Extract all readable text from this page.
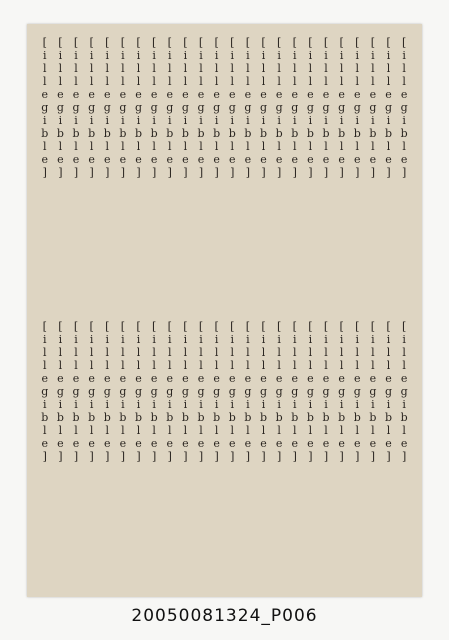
[illegible]
[illegible]
[illegible]
[illegible]
[illegible]
[illegible]
[illegible]
[illegible]
[illegible]
[illegible]
[illegible]
[illegible]
[illegible]
[illegible]
[illegible]
[illegible]
[illegible]
[illegible]
[illegible]
[illegible]
[illegible]
[illegible]
[illegible]
[illegible]
[illegible]
[illegible]
[illegible]
[illegible]
[illegible]
[illegible]
[illegible]
[illegible]
[illegible]
[illegible]
[illegible]
[illegible]
[illegible]
[illegible]
[illegible]
[illegible]
[illegible]
[illegible]
[illegible]
[illegible]
[illegible]
[illegible]
[illegible]
[illegible]
20050081324_P006
